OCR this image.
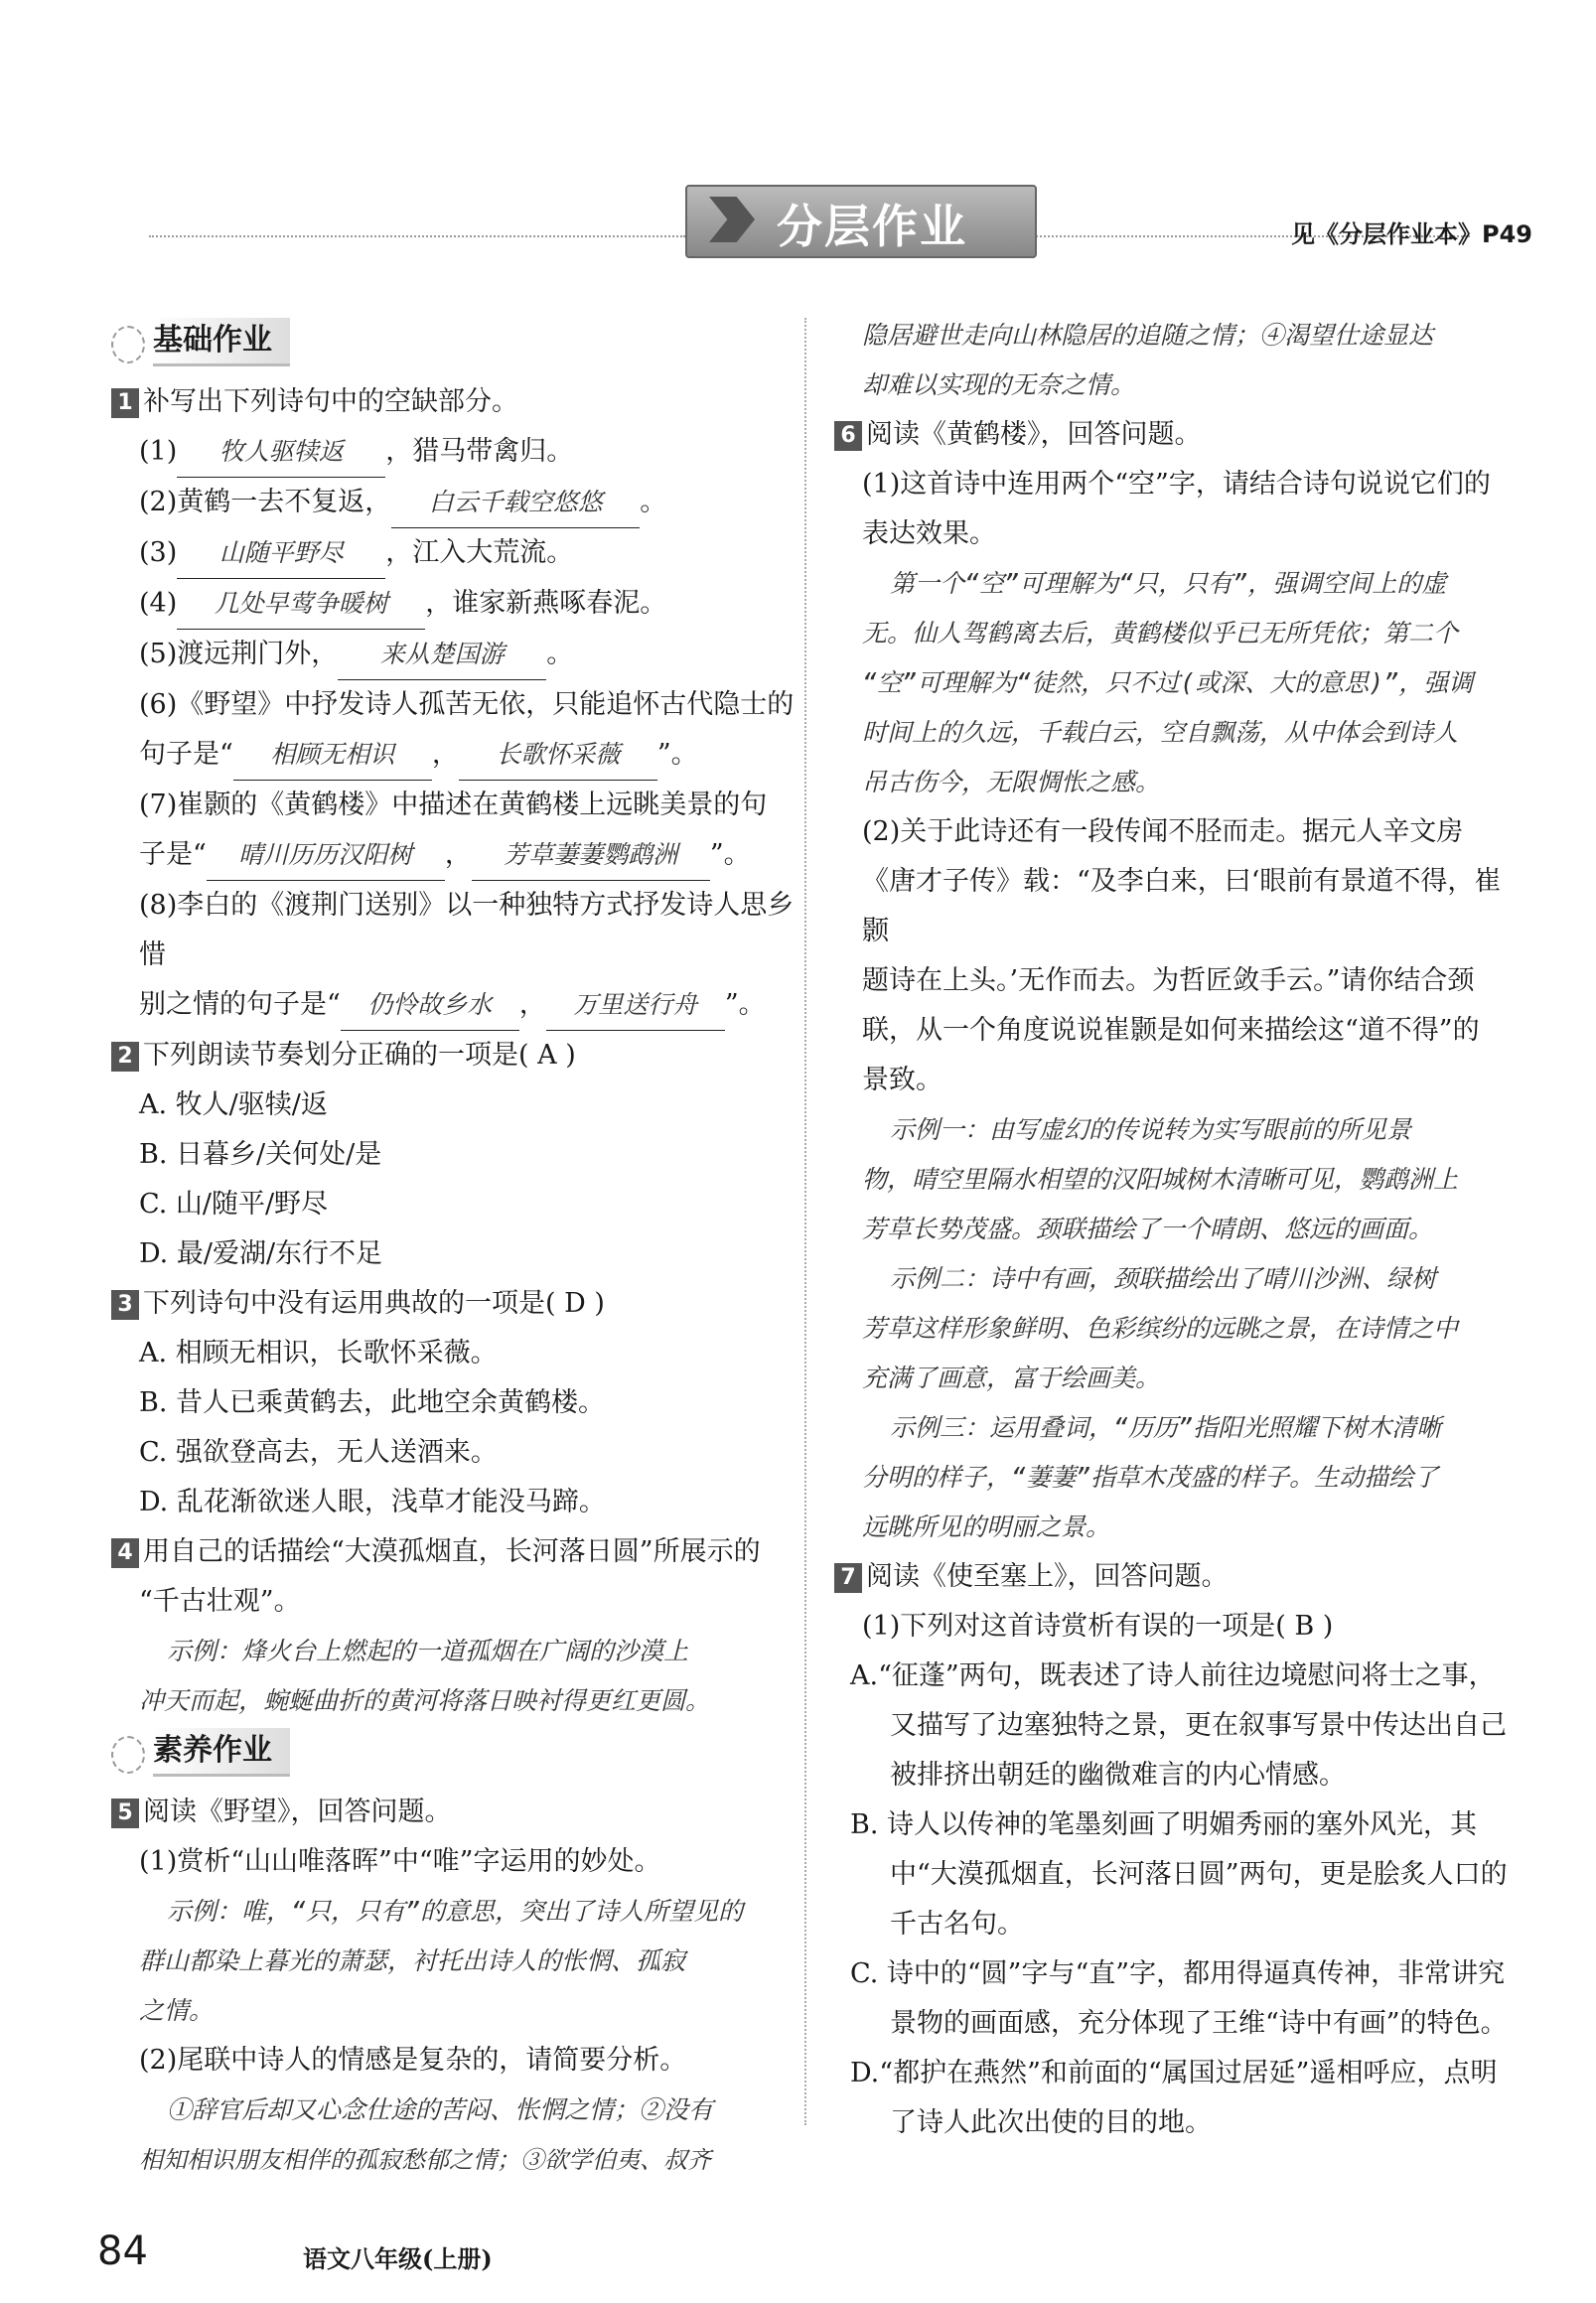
分层作业	见《分层作业本》P49
基础作业

1 补写出下列诗句中的空缺部分。

(1) 牧人驱犊返 ，猎马带禽归。

(2)黄鹤一去不复返， 白云千载空悠悠 。

(3) 山随平野尽 ，江入大荒流。

(4) 几处早莺争暖树 ，谁家新燕啄春泥。

(5)渡远荆门外， 来从楚国游 。

(6)《野望》中抒发诗人孤苦无依，只能追怀古代隐士的

句子是“ 相顾无相识 ， 长歌怀采薇 ”。

(7)崔颢的《黄鹤楼》中描述在黄鹤楼上远眺美景的句

子是“ 晴川历历汉阳树 ， 芳草萋萋鹦鹉洲 ”。

(8)李白的《渡荆门送别》以一种独特方式抒发诗人思乡惜

别之情的句子是“ 仍怜故乡水 ， 万里送行舟 ”。

2 下列朗读节奏划分正确的一项是( A )

A. 牧人/驱犊/返

B. 日暮乡/关何处/是

C. 山/随平/野尽

D. 最/爱湖/东行不足

3 下列诗句中没有运用典故的一项是( D )

A. 相顾无相识，长歌怀采薇。

B. 昔人已乘黄鹤去，此地空余黄鹤楼。

C. 强欲登高去，无人送酒来。

D. 乱花渐欲迷人眼，浅草才能没马蹄。

4 用自己的话描绘“大漠孤烟直，长河落日圆”所展示的

“千古壮观”。

示例：烽火台上燃起的一道孤烟在广阔的沙漠上

冲天而起，蜿蜒曲折的黄河将落日映衬得更红更圆。

素养作业

5 阅读《野望》，回答问题。

(1)赏析“山山唯落晖”中“唯”字运用的妙处。

示例：唯，“只，只有”的意思，突出了诗人所望见的

群山都染上暮光的萧瑟，衬托出诗人的怅惘、孤寂

之情。

(2)尾联中诗人的情感是复杂的，请简要分析。

①辞官后却又心念仕途的苦闷、怅惘之情；②没有

相知相识朋友相伴的孤寂愁郁之情；③欲学伯夷、叔齐

隐居避世走向山林隐居的追随之情；④渴望仕途显达

却难以实现的无奈之情。

6 阅读《黄鹤楼》，回答问题。

(1)这首诗中连用两个“空”字，请结合诗句说说它们的

表达效果。

第一个“空”可理解为“只，只有”，强调空间上的虚

无。仙人驾鹤离去后，黄鹤楼似乎已无所凭依；第二个

“空”可理解为“徒然，只不过(或深、大的意思)”，强调

时间上的久远，千载白云，空自飘荡，从中体会到诗人

吊古伤今，无限惆怅之感。

(2)关于此诗还有一段传闻不胫而走。据元人辛文房

《唐才子传》载：“及李白来，曰‘眼前有景道不得，崔颢

题诗在上头。’无作而去。为哲匠敛手云。”请你结合颈

联，从一个角度说说崔颢是如何来描绘这“道不得”的

景致。

示例一：由写虚幻的传说转为实写眼前的所见景

物，晴空里隔水相望的汉阳城树木清晰可见，鹦鹉洲上

芳草长势茂盛。颈联描绘了一个晴朗、悠远的画面。

示例二：诗中有画，颈联描绘出了晴川沙洲、绿树

芳草这样形象鲜明、色彩缤纷的远眺之景，在诗情之中

充满了画意，富于绘画美。

示例三：运用叠词，“历历”指阳光照耀下树木清晰

分明的样子，“萋萋”指草木茂盛的样子。生动描绘了

远眺所见的明丽之景。

7 阅读《使至塞上》，回答问题。

(1)下列对这首诗赏析有误的一项是( B )

A.“征蓬”两句，既表述了诗人前往边境慰问将士之事，又描写了边塞独特之景，更在叙事写景中传达出自己被排挤出朝廷的幽微难言的内心情感。

B. 诗人以传神的笔墨刻画了明媚秀丽的塞外风光，其中“大漠孤烟直，长河落日圆”两句，更是脍炙人口的千古名句。

C. 诗中的“圆”字与“直”字，都用得逼真传神，非常讲究景物的画面感，充分体现了王维“诗中有画”的特色。

D.“都护在燕然”和前面的“属国过居延”遥相呼应，点明了诗人此次出使的目的地。

84	语文八年级(上册)
